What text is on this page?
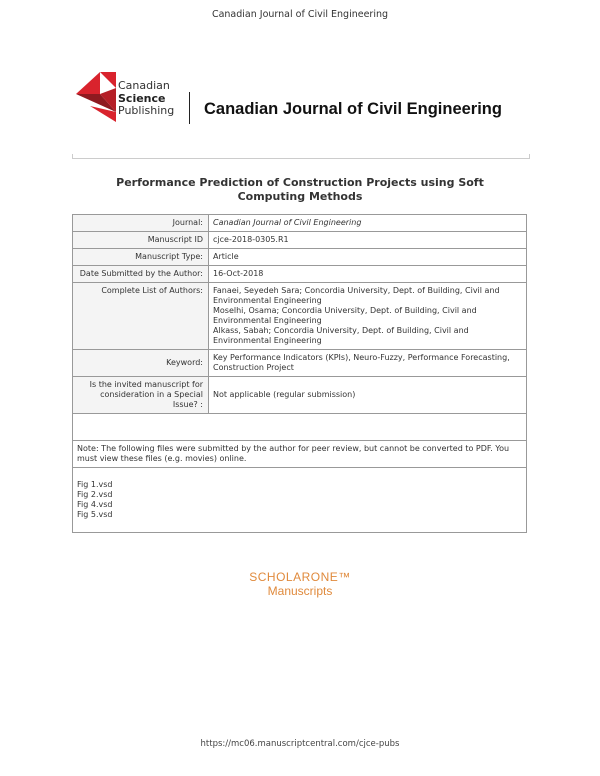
Canadian Journal of Civil Engineering
Canadian
Science
Publishing Canadian Journal of Civil Engineering
Performance Prediction of Construction Projects using Soft Computing Methods
Journal:	Canadian Journal of Civil Engineering
Manuscript ID	cjce-2018-0305.R1
Manuscript Type:	Article
Date Submitted by the Author:	16-Oct-2018
Complete List of Authors:	Fanaei, Seyedeh Sara; Concordia University, Dept. of Building, Civil and Environmental Engineering
Moselhi, Osama; Concordia University, Dept. of Building, Civil and Environmental Engineering
Alkass, Sabah; Concordia University, Dept. of Building, Civil and Environmental Engineering

Keyword:	Key Performance Indicators (KPIs), Neuro-Fuzzy, Performance Forecasting, Construction Project
Is the invited manuscript for consideration in a Special Issue? :	Not applicable (regular submission)

Note: The following files were submitted by the author for peer review, but cannot be converted to PDF. You must view these files (e.g. movies) online.	

Fig 1.vsd
Fig 2.vsd
Fig 4.vsd
Fig 5.vsd	
SCHOLARONE™
Manuscripts
https://mc06.manuscriptcentral.com/cjce-pubs
